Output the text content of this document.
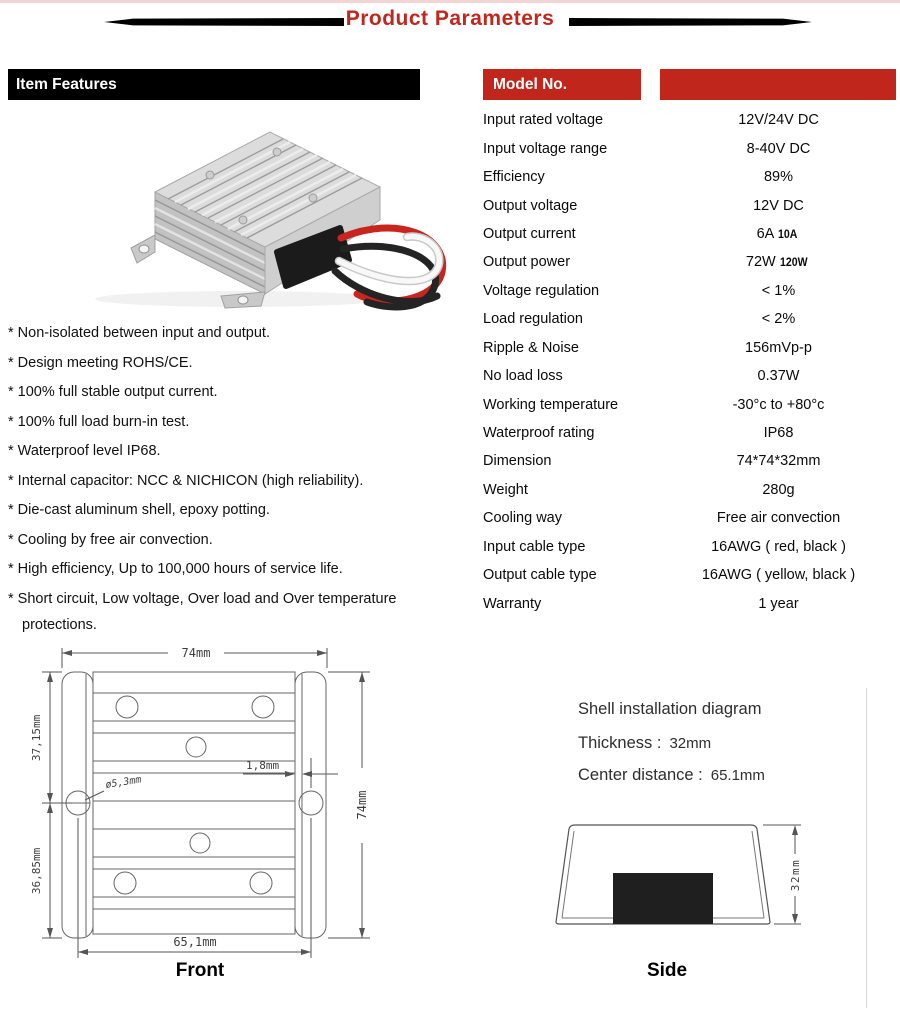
Product Parameters
Item Features	Model No.
* Non-isolated between input and output.
* Design meeting ROHS/CE.
* 100% full stable output current.
* 100% full load burn-in test.
* Waterproof level IP68.
* Internal capacitor: NCC & NICHICON (high reliability).
* Die-cast aluminum shell, epoxy potting.
* Cooling by free air convection.
* High efficiency, Up to 100,000 hours of service life.
* Short circuit, Low voltage, Over load and Over temperature protections.
Input rated voltage	12V/24V DC
Input voltage range	8-40V DC
Efficiency	89%
Output voltage	12V DC
Output current	6A 10A
Output power	72W 120W
Voltage regulation	< 1%
Load regulation	< 2%
Ripple & Noise	156mVp-p
No load loss	0.37W
Working temperature	-30°c to +80°c
Waterproof rating	IP68
Dimension	74*74*32mm
Weight	280g
Cooling way	Free air convection
Input cable type	16AWG ( red, black )
Output cable type	16AWG ( yellow, black )
Warranty	1 year
74mm
37,15mm
36,85mm
ø5,3mm
1,8mm
74mm
65,1mm
Front
Shell installation diagram
Thickness : 32mm
Center distance : 65.1mm
32mm
Side
